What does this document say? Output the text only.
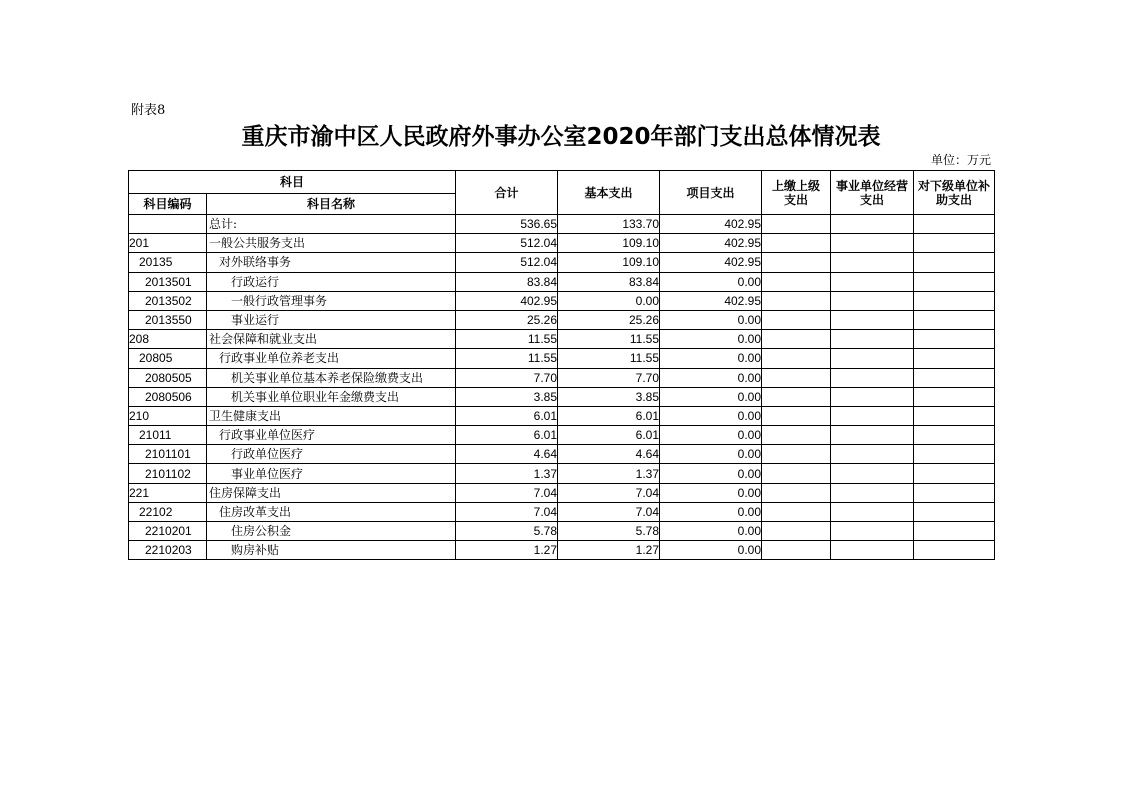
附表8
重庆市渝中区人民政府外事办公室2020年部门支出总体情况表
单位：万元
科目		合计	基本支出	项目支出	上缴上级支出	事业单位经营支出	对下级单位补助支出

科目编码	科目名称						
	总计:	536.65	133.70	402.95			
201	一般公共服务支出	512.04	109.10	402.95			
20135	对外联络事务	512.04	109.10	402.95			
2013501	行政运行	83.84	83.84	0.00			
2013502	一般行政管理事务	402.95	0.00	402.95			
2013550	事业运行	25.26	25.26	0.00			
208	社会保障和就业支出	11.55	11.55	0.00			
20805	行政事业单位养老支出	11.55	11.55	0.00			
2080505	机关事业单位基本养老保险缴费支出	7.70	7.70	0.00			
2080506	机关事业单位职业年金缴费支出	3.85	3.85	0.00			
210	卫生健康支出	6.01	6.01	0.00			
21011	行政事业单位医疗	6.01	6.01	0.00			
2101101	行政单位医疗	4.64	4.64	0.00			
2101102	事业单位医疗	1.37	1.37	0.00			
221	住房保障支出	7.04	7.04	0.00			
22102	住房改革支出	7.04	7.04	0.00			
2210201	住房公积金	5.78	5.78	0.00			
2210203	购房补贴	1.27	1.27	0.00			
